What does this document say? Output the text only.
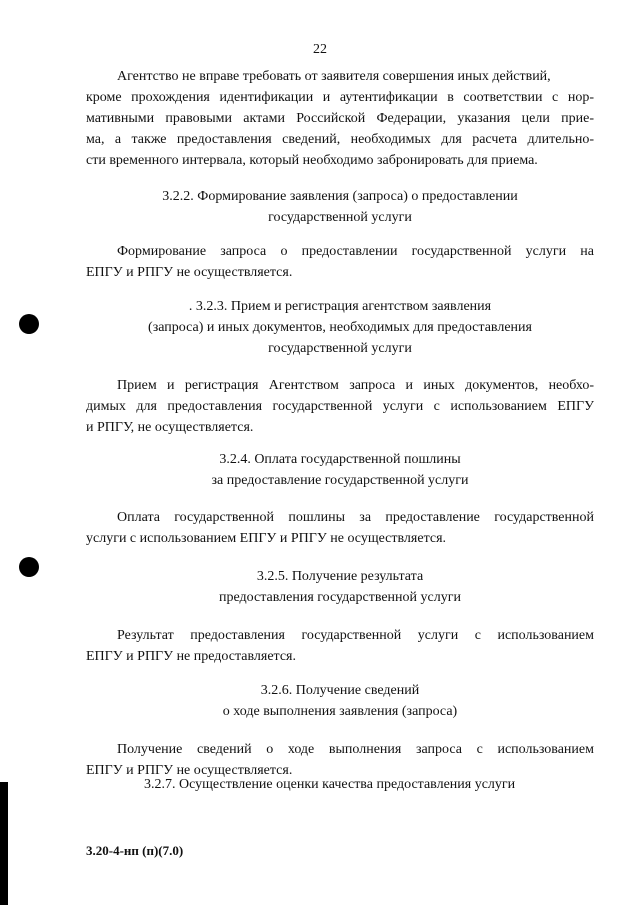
22
Агентство не вправе требовать от заявителя совершения иных действий,
кроме прохождения идентификации и аутентификации в соответствии с нор-
мативными правовыми актами Российской Федерации, указания цели прие-
ма, а также предоставления сведений, необходимых для расчета длительно-
сти временного интервала, который необходимо забронировать для приема.
3.2.2. Формирование заявления (запроса) о предоставлении
государственной услуги
Формирование запроса о предоставлении государственной услуги на
ЕПГУ и РПГУ не осуществляется.
. 3.2.3. Прием и регистрация агентством заявления
(запроса) и иных документов, необходимых для предоставления
государственной услуги
Прием и регистрация Агентством запроса и иных документов, необхо-
димых для предоставления государственной услуги с использованием ЕПГУ
и РПГУ, не осуществляется.
3.2.4. Оплата государственной пошлины
за предоставление государственной услуги
Оплата государственной пошлины за предоставление государственной
услуги с использованием ЕПГУ и РПГУ не осуществляется.
3.2.5. Получение результата
предоставления государственной услуги
Результат предоставления государственной услуги с использованием
ЕПГУ и РПГУ не предоставляется.
3.2.6. Получение сведений
о ходе выполнения заявления (запроса)
Получение сведений о ходе выполнения запроса с использованием
ЕПГУ и РПГУ не осуществляется.
3.2.7. Осуществление оценки качества предоставления услуги
3.20-4-нп (п)(7.0)
